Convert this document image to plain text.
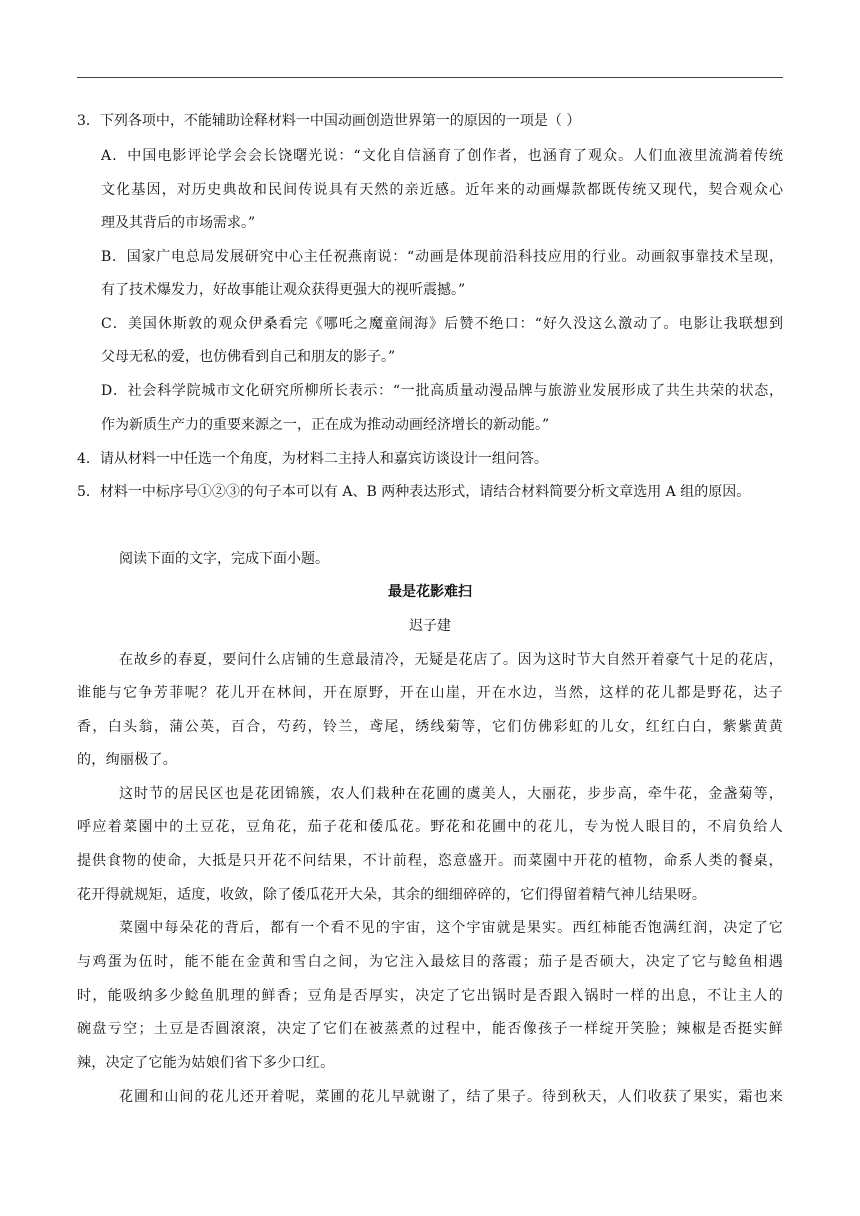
3．下列各项中，不能辅助诠释材料一中国动画创造世界第一的原因的一项是（ ）
A．中国电影评论学会会长饶曙光说：“文化自信涵育了创作者，也涵育了观众。人们血液里流淌着传统
文化基因，对历史典故和民间传说具有天然的亲近感。近年来的动画爆款都既传统又现代，契合观众心
理及其背后的市场需求。”
B．国家广电总局发展研究中心主任祝燕南说：“动画是体现前沿科技应用的行业。动画叙事靠技术呈现，
有了技术爆发力，好故事能让观众获得更强大的视听震撼。”
C．美国休斯敦的观众伊桑看完《哪吒之魔童闹海》后赞不绝口：“好久没这么激动了。电影让我联想到
父母无私的爱，也仿佛看到自己和朋友的影子。”
D．社会科学院城市文化研究所柳所长表示：“一批高质量动漫品牌与旅游业发展形成了共生共荣的状态，
作为新质生产力的重要来源之一，正在成为推动动画经济增长的新动能。”
4．请从材料一中任选一个角度，为材料二主持人和嘉宾访谈设计一组问答。
5．材料一中标序号①②③的句子本可以有 A、B 两种表达形式，请结合材料简要分析文章选用 A 组的原因。
阅读下面的文字，完成下面小题。
最是花影难扫
迟子建
在故乡的春夏，要问什么店铺的生意最清冷，无疑是花店了。因为这时节大自然开着豪气十足的花店，
谁能与它争芳菲呢？花儿开在林间，开在原野，开在山崖，开在水边，当然，这样的花儿都是野花，达子
香，白头翁，蒲公英，百合，芍药，铃兰，鸢尾，绣线菊等，它们仿佛彩虹的儿女，红红白白，紫紫黄黄
的，绚丽极了。
这时节的居民区也是花团锦簇，农人们栽种在花圃的虞美人，大丽花，步步高，牵牛花，金盏菊等，
呼应着菜園中的土豆花，豆角花，茄子花和倭瓜花。野花和花圃中的花儿，专为悦人眼目的，不肩负给人
提供食物的使命，大抵是只开花不问结果，不计前程，恣意盛开。而菜園中开花的植物，命系人类的餐桌，
花开得就规矩，适度，收敛，除了倭瓜花开大朵，其余的细细碎碎的，它们得留着精气神儿结果呀。
菜園中每朵花的背后，都有一个看不见的宇宙，这个宇宙就是果实。西红柿能否饱满红润，决定了它
与鸡蛋为伍时，能不能在金黄和雪白之间，为它注入最炫目的落霞；茄子是否硕大，决定了它与鲶鱼相遇
时，能吸纳多少鲶鱼肌理的鲜香；豆角是否厚实，决定了它出锅时是否跟入锅时一样的出息，不让主人的
碗盘亏空；土豆是否圓滾滾，决定了它们在被蒸煮的过程中，能否像孩子一样绽开笑脸；辣椒是否挺实鲜
辣，决定了它能为姑娘们省下多少口红。
花圃和山间的花儿还开着呢，菜圃的花儿早就谢了，结了果子。待到秋天，人们收获了果实，霜也来
